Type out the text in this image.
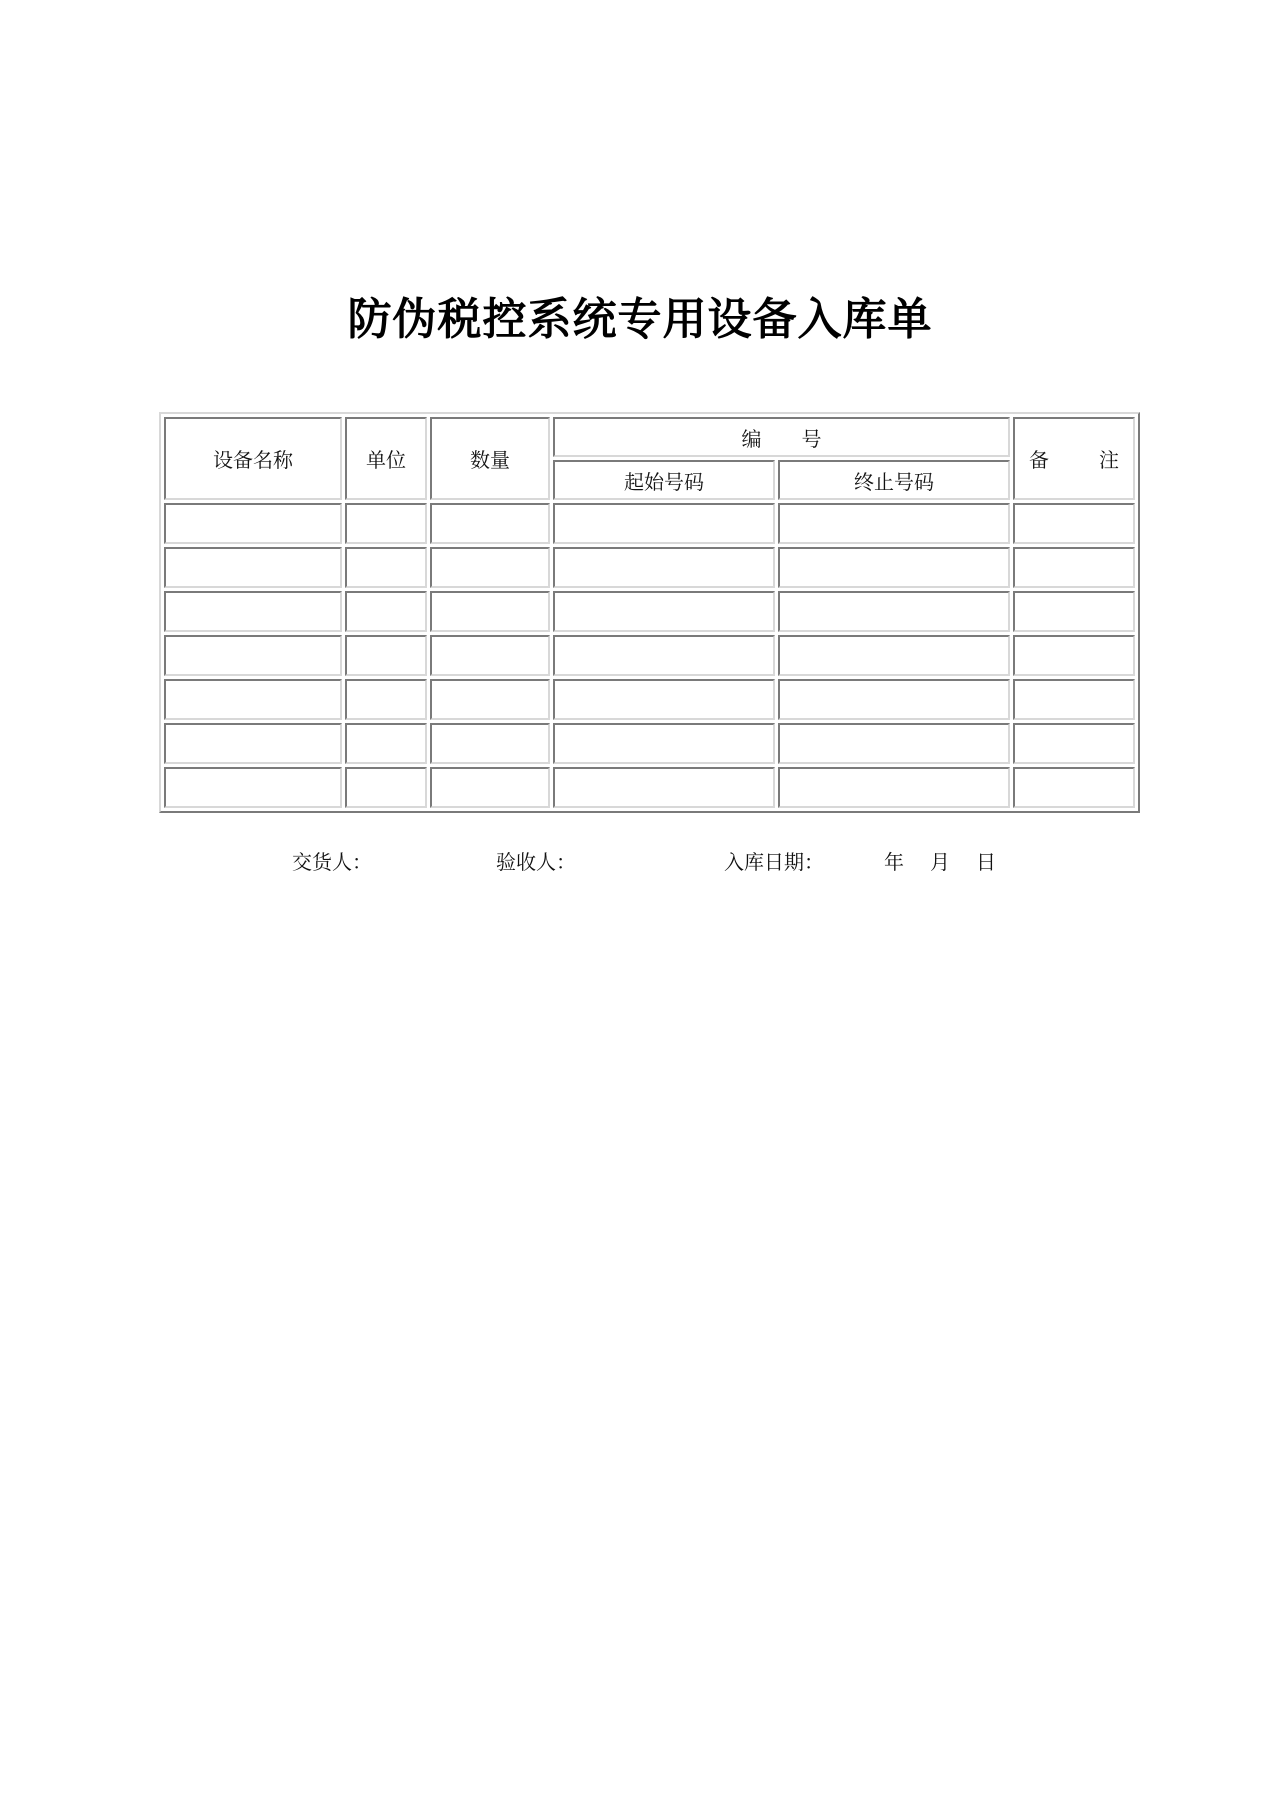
防伪税控系统专用设备入库单
设备名称	单位	数量	编　　号		备 注

			起始号码	终止号码	

交货人：	验收人：	入库日期：	年 月 日
